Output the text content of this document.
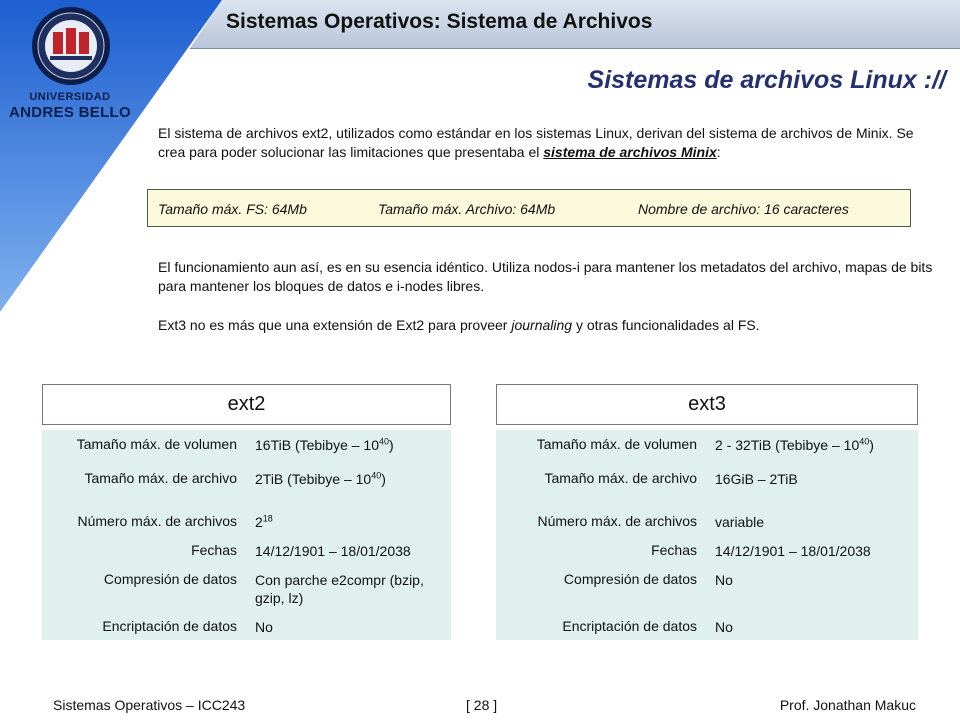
UNIVERSIDAD
ANDRES BELLO
Sistemas Operativos: Sistema de Archivos
Sistemas de archivos Linux ://
El sistema de archivos ext2, utilizados como estándar en los sistemas Linux, derivan del sistema de archivos de Minix. Se crea para poder solucionar las limitaciones que presentaba el sistema de archivos Minix:
Tamaño máx. FS: 64Mb	Tamaño máx. Archivo: 64Mb	Nombre de archivo: 16 caracteres
El funcionamiento aun así, es en su esencia idéntico. Utiliza nodos-i para mantener los metadatos del archivo, mapas de bits para mantener los bloques de datos e i-nodes libres.
Ext3 no es más que una extensión de Ext2 para proveer journaling y otras funcionalidades al FS.
ext2	ext3
Tamaño máx. de volumen 16TiB (Tebibye – $10^{40}$)
Tamaño máx. de archivo 2TiB (Tebibye – $10^{40}$)
Número máx. de archivos $2^{18}$
Fechas 14/12/1901 – 18/01/2038
Compresión de datos Con parche e2compr (bzip, gzip, lz)
Encriptación de datos No
Tamaño máx. de volumen 2 - 32TiB (Tebibye – $10^{40}$)
Tamaño máx. de archivo 16GiB – 2TiB
Número máx. de archivos variable
Fechas 14/12/1901 – 18/01/2038
Compresión de datos No
Encriptación de datos No
Sistemas Operativos – ICC243	[ 28 ]	Prof. Jonathan Makuc
